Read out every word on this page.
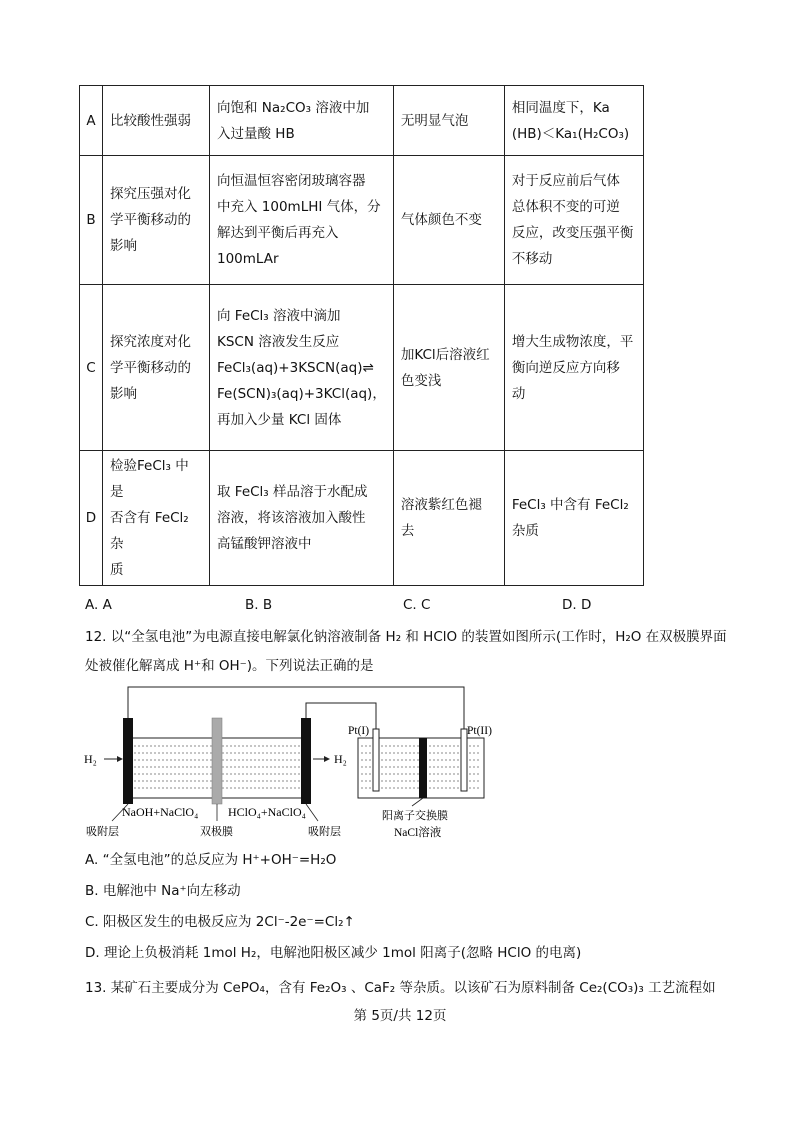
A	比较酸性强弱	向饱和 Na₂CO₃ 溶液中加
入过量酸 HB	无明显气泡	相同温度下，Ka
(HB)＜Ka₁(H₂CO₃)
B	探究压强对化
学平衡移动的
影响	向恒温恒容密闭玻璃容器
中充入 100mLHI 气体，分
解达到平衡后再充入
100mLAr	气体颜色不变	对于反应前后气体
总体积不变的可逆
反应，改变压强平衡
不移动
C	探究浓度对化
学平衡移动的
影响	向 FeCl₃ 溶液中滴加
KSCN 溶液发生反应
FeCl₃(aq)+3KSCN(aq)⇌
Fe(SCN)₃(aq)+3KCl(aq)，
再加入少量 KCl 固体	加KCl后溶液红
色变浅	增大生成物浓度，平
衡向逆反应方向移
动
D	检验FeCl₃ 中是
否含有 FeCl₂ 杂
质	取 FeCl₃ 样品溶于水配成
溶液，将该溶液加入酸性
高锰酸钾溶液中	溶液紫红色褪
去	FeCl₃ 中含有 FeCl₂
杂质
A. A	B. B	C. C	D. D
12. 以“全氢电池”为电源直接电解氯化钠溶液制备 H₂ 和 HClO 的装置如图所示(工作时，H₂O 在双极膜界面
处被催化解离成 H⁺和 OH⁻)。下列说法正确的是
H₂	H₂
NaOH+NaClO₄ HClO₄+NaClO₄
吸附层	双极膜	吸附层
Pt(I)	Pt(II)
阳离子交换膜
NaCl溶液
A. “全氢电池”的总反应为 H⁺+OH⁻=H₂O
B. 电解池中 Na⁺向左移动
C. 阳极区发生的电极反应为 2Cl⁻-2e⁻=Cl₂↑
D. 理论上负极消耗 1mol H₂，电解池阳极区减少 1mol 阳离子(忽略 HClO 的电离)
13. 某矿石主要成分为 CePO₄，含有 Fe₂O₃ 、CaF₂ 等杂质。以该矿石为原料制备 Ce₂(CO₃)₃ 工艺流程如
第 5页/共 12页
